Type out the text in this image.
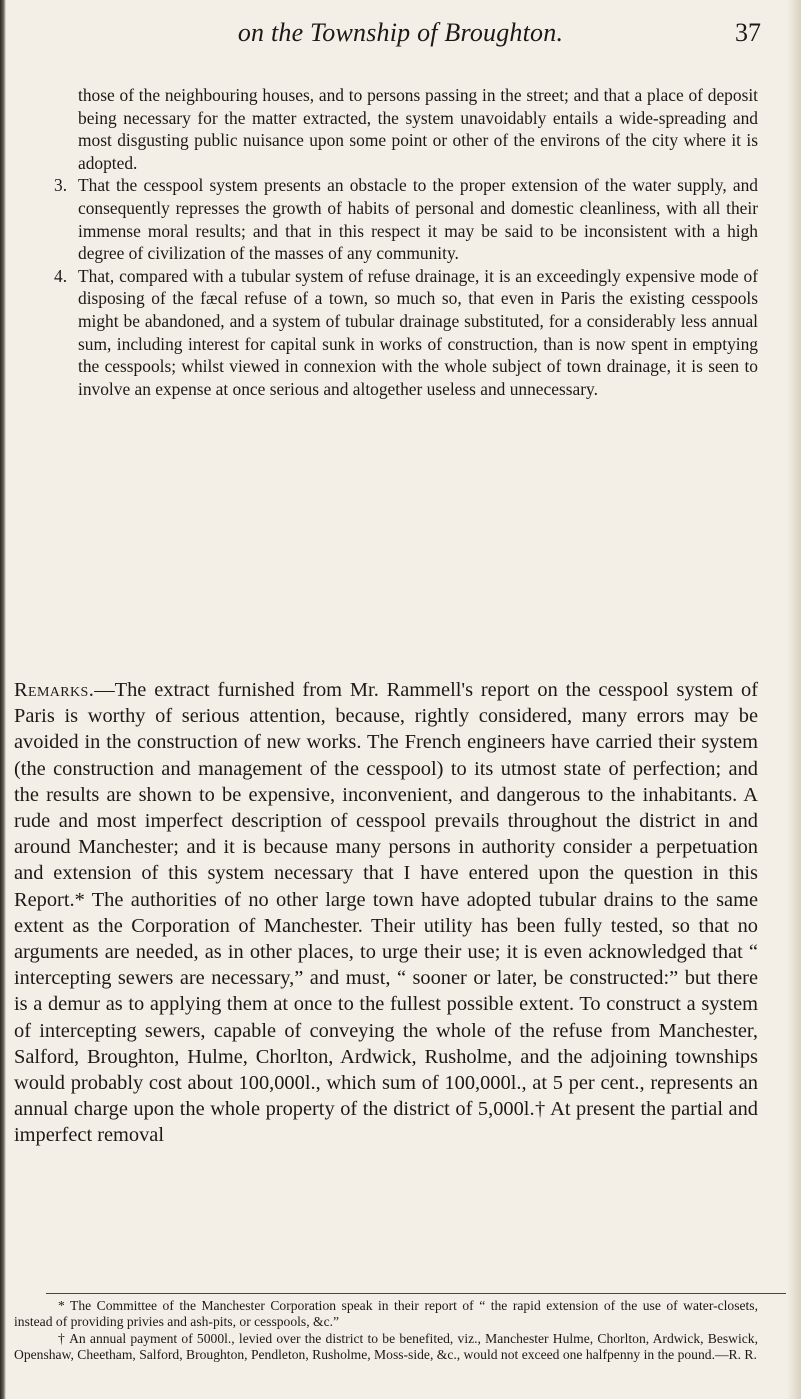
on the Township of Broughton.	37

those of the neighbouring houses, and to persons passing in the street; and that a place of deposit being necessary for the matter extracted, the system unavoidably entails a wide-spreading and most disgusting public nuisance upon some point or other of the environs of the city where it is adopted.

3. That the cesspool system presents an obstacle to the proper extension of the water supply, and consequently represses the growth of habits of personal and domestic cleanliness, with all their immense moral results; and that in this respect it may be said to be inconsistent with a high degree of civilization of the masses of any community.

4. That, compared with a tubular system of refuse drainage, it is an exceedingly expensive mode of disposing of the fæcal refuse of a town, so much so, that even in Paris the existing cesspools might be abandoned, and a system of tubular drainage substituted, for a considerably less annual sum, including interest for capital sunk in works of construction, than is now spent in emptying the cesspools; whilst viewed in connexion with the whole subject of town drainage, it is seen to involve an expense at once serious and altogether useless and unnecessary.

Remarks.—The extract furnished from Mr. Rammell's report on the cesspool system of Paris is worthy of serious attention, because, rightly considered, many errors may be avoided in the construction of new works. The French engineers have carried their system (the construction and management of the cesspool) to its utmost state of perfection; and the results are shown to be expensive, inconvenient, and dangerous to the inhabitants. A rude and most imperfect description of cesspool prevails throughout the district in and around Manchester; and it is because many persons in authority consider a perpetuation and extension of this system necessary that I have entered upon the question in this Report.* The authorities of no other large town have adopted tubular drains to the same extent as the Corporation of Manchester. Their utility has been fully tested, so that no arguments are needed, as in other places, to urge their use; it is even acknowledged that “ intercepting sewers are necessary,” and must, “ sooner or later, be constructed:” but there is a demur as to applying them at once to the fullest possible extent. To construct a system of intercepting sewers, capable of conveying the whole of the refuse from Manchester, Salford, Broughton, Hulme, Chorlton, Ardwick, Rusholme, and the adjoining townships would probably cost about 100,000l., which sum of 100,000l., at 5 per cent., represents an annual charge upon the whole property of the district of 5,000l.† At present the partial and imperfect removal

* The Committee of the Manchester Corporation speak in their report of “ the rapid extension of the use of water-closets, instead of providing privies and ash-pits, or cesspools, &c.”

† An annual payment of 5000l., levied over the district to be benefited, viz., Manchester Hulme, Chorlton, Ardwick, Beswick, Openshaw, Cheetham, Salford, Broughton, Pendleton, Rusholme, Moss-side, &c., would not exceed one halfpenny in the pound.—R. R.
